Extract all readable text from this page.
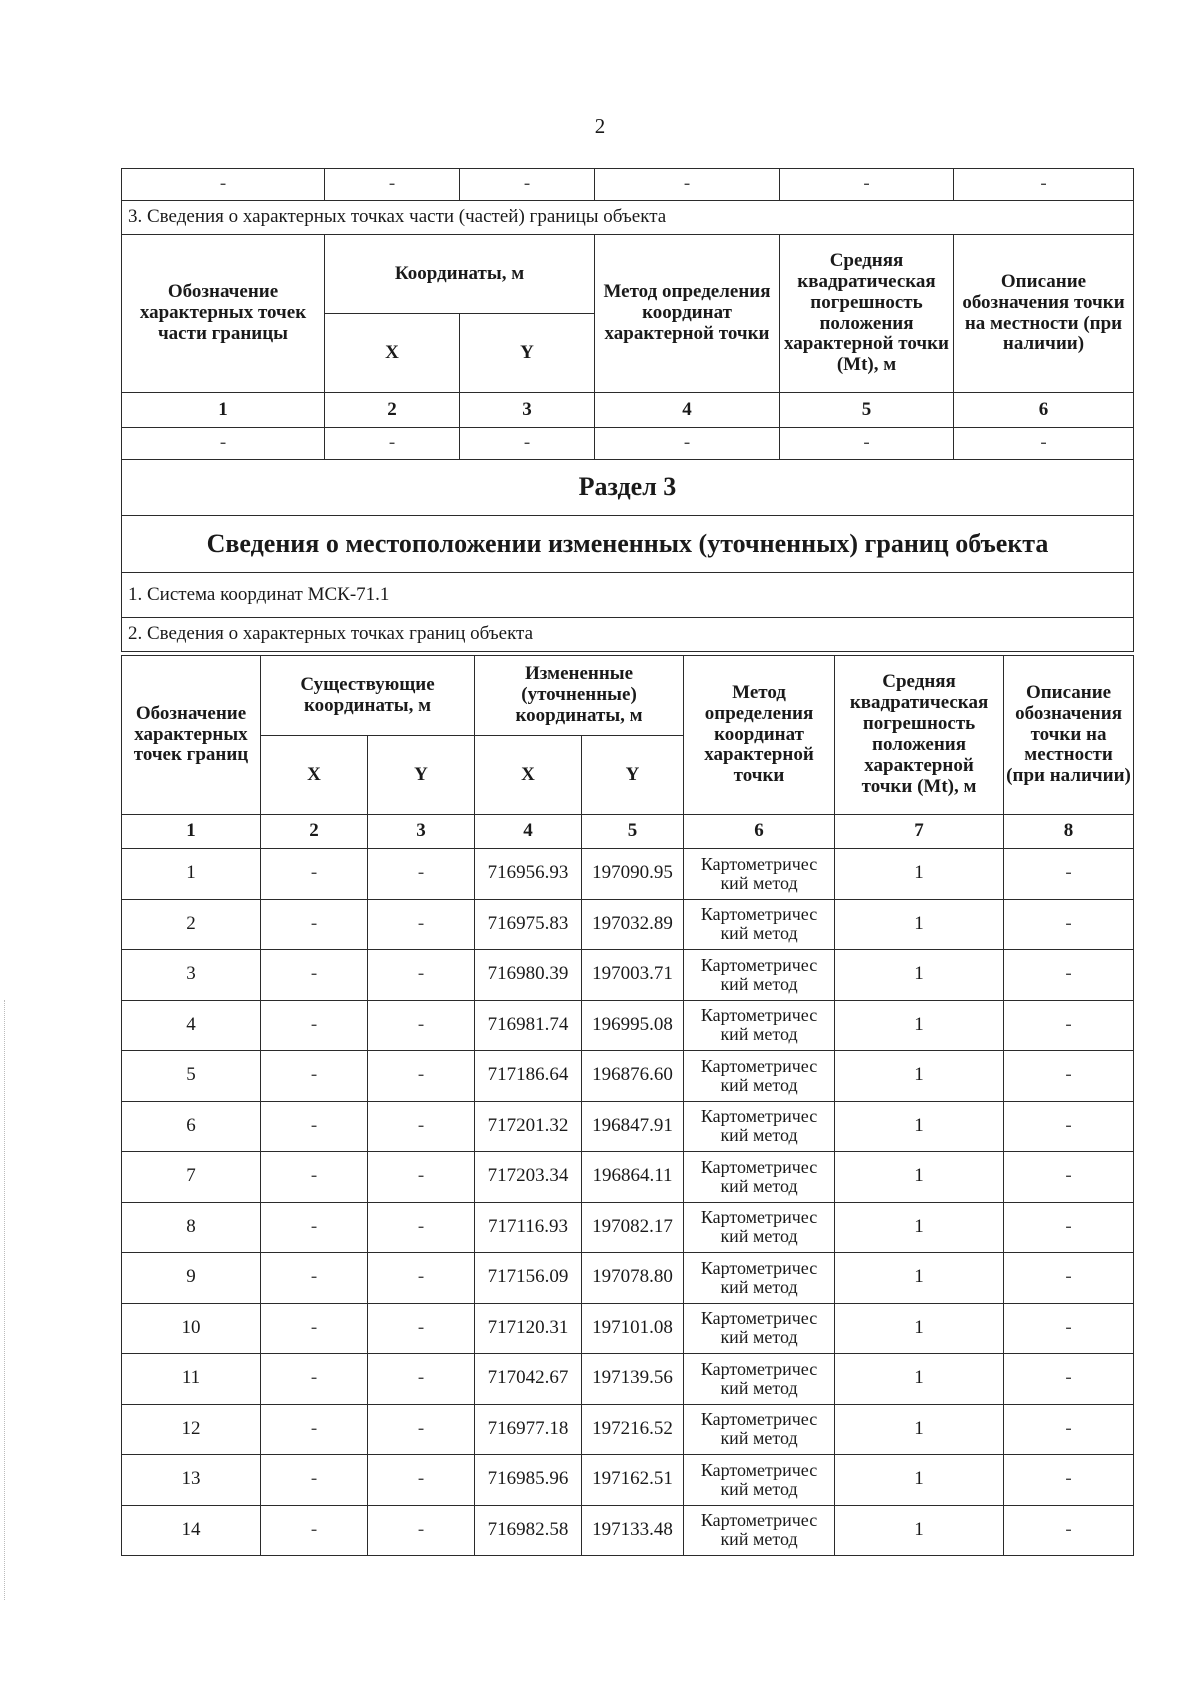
2
-	-	-	-	-	-
3. Сведения о характерных точках части (частей) границы объекта					
Обозначение характерных точек части границы	Координаты, м		Метод определения координат характерной точки	Средняя квадратическая погрешность положения характерной точки (Mt), м	Описание обозначения точки на местности (при наличии)
	X	Y			
1	2	3	4	5	6
-	-	-	-	-	-
Раздел 3					
Сведения о местоположении измененных (уточненных) границ объекта					
1. Система координат МСК-71.1					
2. Сведения о характерных точках границ объекта					
Обозначение характерных точек границ	Существующие координаты, м		Измененные (уточненные) координаты, м		Метод определения координат характерной точки	Средняя квадратическая погрешность положения характерной точки (Mt), м	Описание обозначения точки на местности (при наличии)
	X	Y	X	Y			
1	2	3	4	5	6	7	8
1	-	-	716956.93	197090.95	Картометричес кий метод	1	-
2	-	-	716975.83	197032.89	Картометричес кий метод	1	-
3	-	-	716980.39	197003.71	Картометричес кий метод	1	-
4	-	-	716981.74	196995.08	Картометричес кий метод	1	-
5	-	-	717186.64	196876.60	Картометричес кий метод	1	-
6	-	-	717201.32	196847.91	Картометричес кий метод	1	-
7	-	-	717203.34	196864.11	Картометричес кий метод	1	-
8	-	-	717116.93	197082.17	Картометричес кий метод	1	-
9	-	-	717156.09	197078.80	Картометричес кий метод	1	-
10	-	-	717120.31	197101.08	Картометричес кий метод	1	-
11	-	-	717042.67	197139.56	Картометричес кий метод	1	-
12	-	-	716977.18	197216.52	Картометричес кий метод	1	-
13	-	-	716985.96	197162.51	Картометричес кий метод	1	-
14	-	-	716982.58	197133.48	Картометричес кий метод	1	-
